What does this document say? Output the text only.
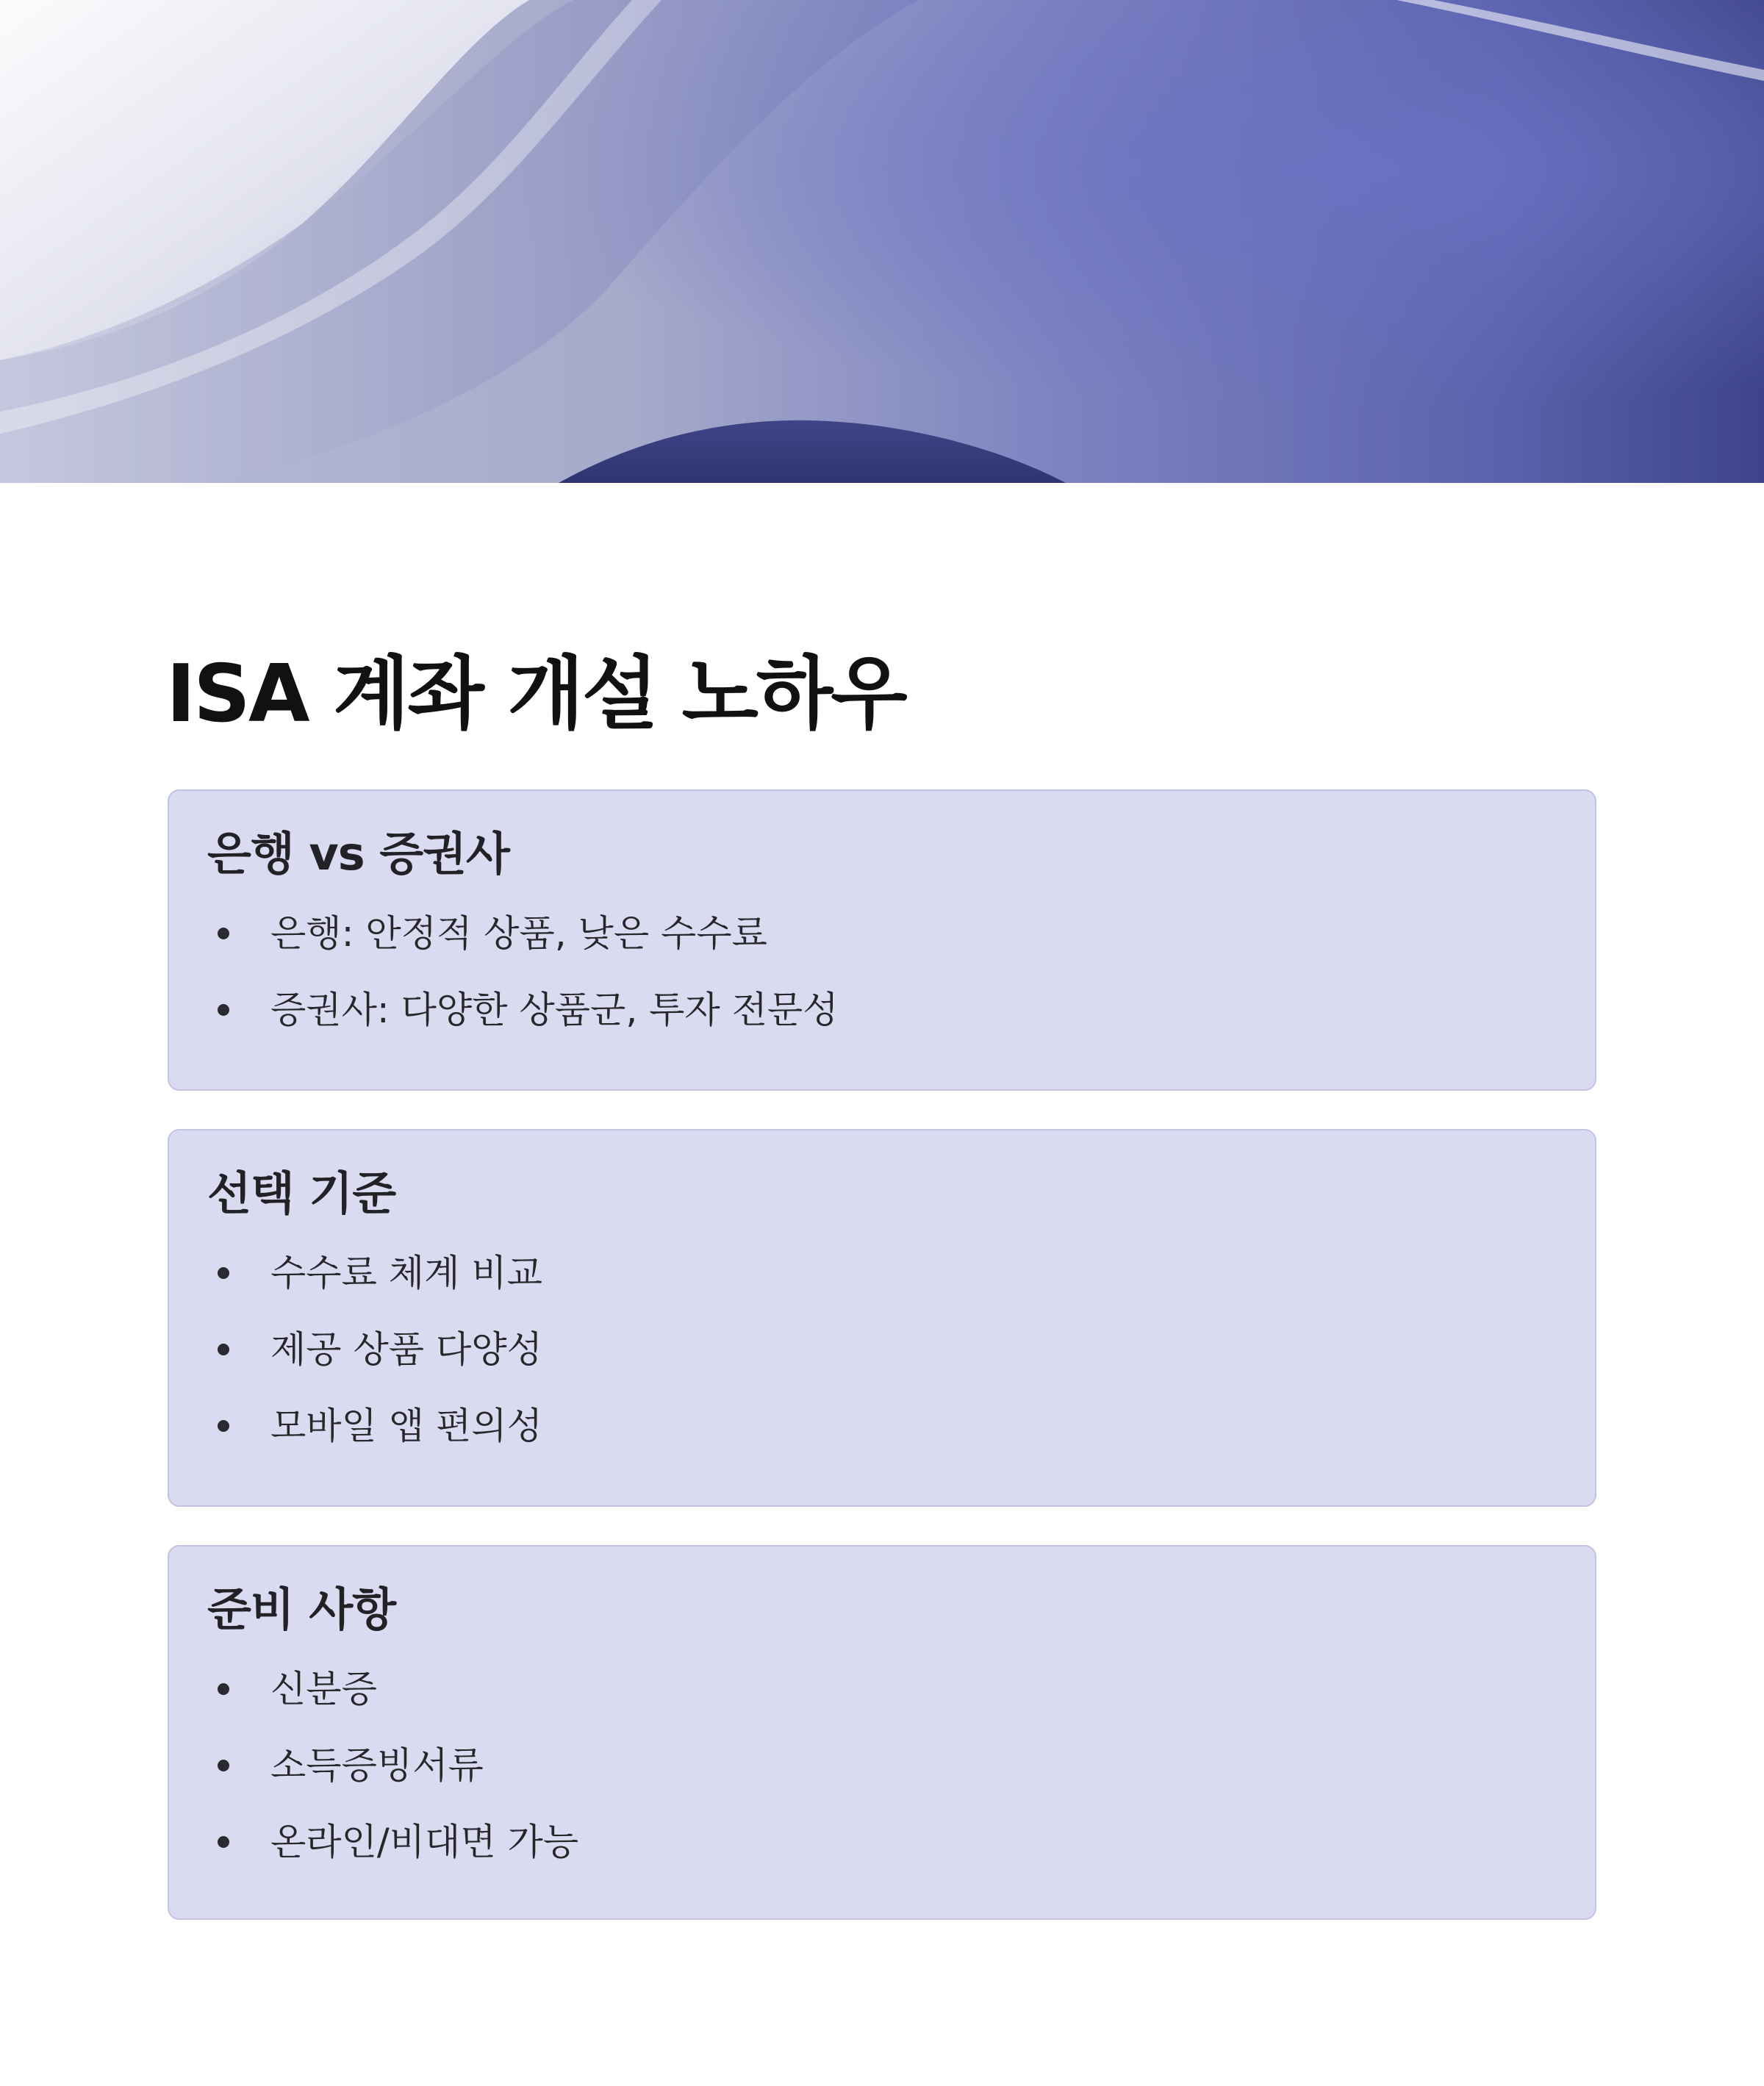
ISA 계좌 개설 노하우
은행 vs 증권사
은행: 안정적 상품, 낮은 수수료
증권사: 다양한 상품군, 투자 전문성
선택 기준
수수료 체계 비교
제공 상품 다양성
모바일 앱 편의성
준비 사항
신분증
소득증빙서류
온라인/비대면 가능
